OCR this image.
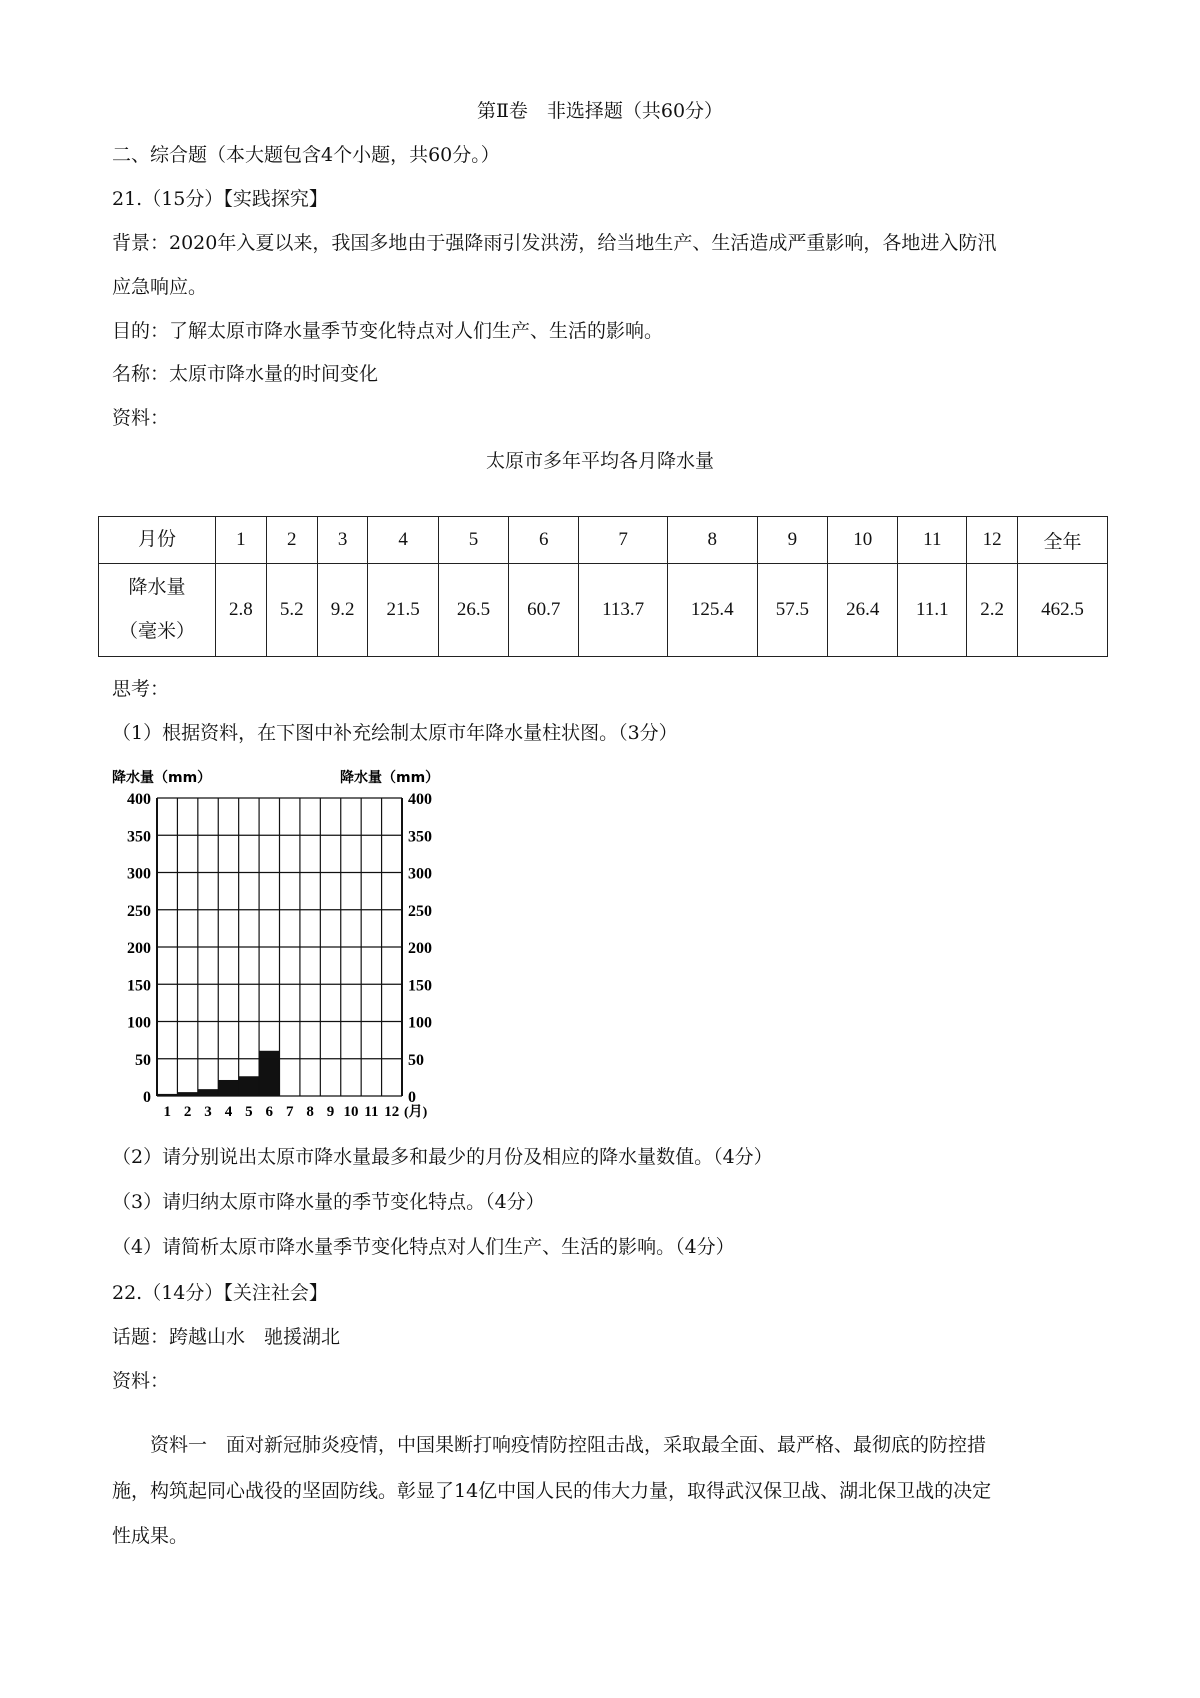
第Ⅱ卷　非选择题（共60分）
二、综合题（本大题包含4个小题，共60分。）
21.（15分）【实践探究】
背景：2020年入夏以来，我国多地由于强降雨引发洪涝，给当地生产、生活造成严重影响，各地进入防汛
应急响应。
目的：了解太原市降水量季节变化特点对人们生产、生活的影响。
名称：太原市降水量的时间变化
资料：
太原市多年平均各月降水量
月份	1	2	3	4	5	6	7	8	9	10	11	12	全年
降水量
（毫米）	2.8	5.2	9.2	21.5	26.5	60.7	113.7	125.4	57.5	26.4	11.1	2.2	462.5
思考：
（1）根据资料，在下图中补充绘制太原市年降水量柱状图。（3分）
0	0
50	50
100	100
150	150
200	200
250	250
300	300
350	350
400	400
降水量（mm）	降水量（mm）
1 2 3 4 5 6 7 8 9 10 11 12 (月)
（2）请分别说出太原市降水量最多和最少的月份及相应的降水量数值。（4分）
（3）请归纳太原市降水量的季节变化特点。（4分）
（4）请简析太原市降水量季节变化特点对人们生产、生活的影响。（4分）
22.（14分）【关注社会】
话题：跨越山水　驰援湖北
资料：
资料一　面对新冠肺炎疫情，中国果断打响疫情防控阻击战，采取最全面、最严格、最彻底的防控措
施，构筑起同心战役的坚固防线。彰显了14亿中国人民的伟大力量，取得武汉保卫战、湖北保卫战的决定
性成果。
